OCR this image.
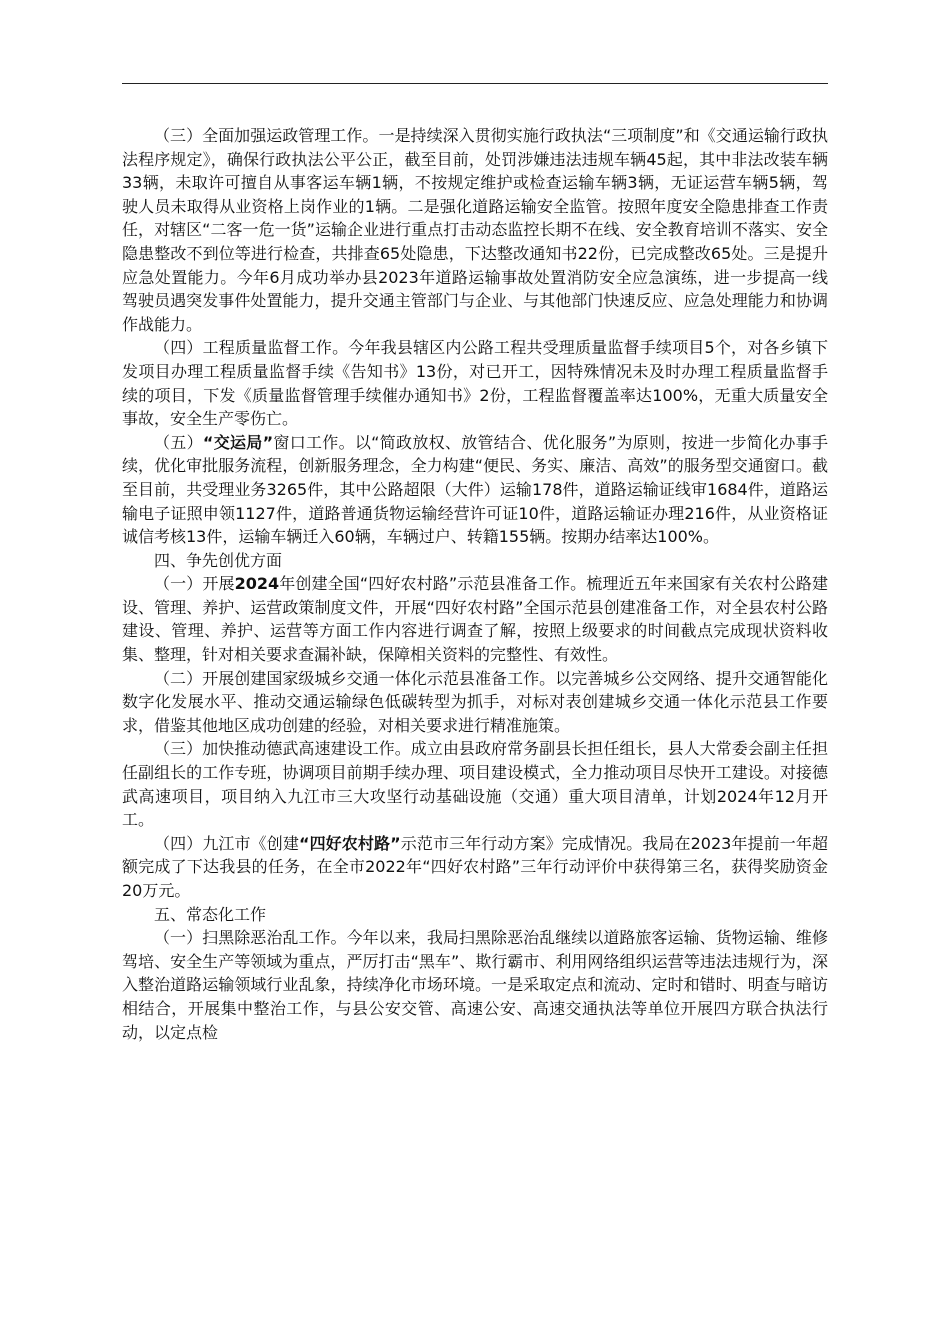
（三）全面加强运政管理工作。一是持续深入贯彻实施行政执法“三项制度”和《交通运输行政执法程序规定》，确保行政执法公平公正，截至目前，处罚涉嫌违法违规车辆45起，其中非法改装车辆33辆，未取许可擅自从事客运车辆1辆，不按规定维护或检查运输车辆3辆，无证运营车辆5辆，驾驶人员未取得从业资格上岗作业的1辆。二是强化道路运输安全监管。按照年度安全隐患排查工作责任，对辖区“二客一危一货”运输企业进行重点打击动态监控长期不在线、安全教育培训不落实、安全隐患整改不到位等进行检查，共排查65处隐患，下达整改通知书22份，已完成整改65处。三是提升应急处置能力。今年6月成功举办县2023年道路运输事故处置消防安全应急演练，进一步提高一线驾驶员遇突发事件处置能力，提升交通主管部门与企业、与其他部门快速反应、应急处理能力和协调作战能力。

（四）工程质量监督工作。今年我县辖区内公路工程共受理质量监督手续项目5个，对各乡镇下发项目办理工程质量监督手续《告知书》13份，对已开工，因特殊情况未及时办理工程质量监督手续的项目，下发《质量监督管理手续催办通知书》2份，工程监督覆盖率达100%，无重大质量安全事故，安全生产零伤亡。

（五）“交运局”窗口工作。以“简政放权、放管结合、优化服务”为原则，按进一步简化办事手续，优化审批服务流程，创新服务理念，全力构建“便民、务实、廉洁、高效”的服务型交通窗口。截至目前，共受理业务3265件，其中公路超限（大件）运输178件，道路运输证线审1684件，道路运输电子证照申领1127件，道路普通货物运输经营许可证10件，道路运输证办理216件，从业资格证诚信考核13件，运输车辆迁入60辆，车辆过户、转籍155辆。按期办结率达100%。

四、争先创优方面

（一）开展2024年创建全国“四好农村路”示范县准备工作。梳理近五年来国家有关农村公路建设、管理、养护、运营政策制度文件，开展“四好农村路”全国示范县创建准备工作，对全县农村公路建设、管理、养护、运营等方面工作内容进行调查了解，按照上级要求的时间截点完成现状资料收集、整理，针对相关要求查漏补缺，保障相关资料的完整性、有效性。

（二）开展创建国家级城乡交通一体化示范县准备工作。以完善城乡公交网络、提升交通智能化数字化发展水平、推动交通运输绿色低碳转型为抓手，对标对表创建城乡交通一体化示范县工作要求，借鉴其他地区成功创建的经验，对相关要求进行精准施策。

（三）加快推动德武高速建设工作。成立由县政府常务副县长担任组长，县人大常委会副主任担任副组长的工作专班，协调项目前期手续办理、项目建设模式，全力推动项目尽快开工建设。对接德武高速项目，项目纳入九江市三大攻坚行动基础设施（交通）重大项目清单，计划2024年12月开工。

（四）九江市《创建“四好农村路”示范市三年行动方案》完成情况。我局在2023年提前一年超额完成了下达我县的任务，在全市2022年“四好农村路”三年行动评价中获得第三名，获得奖励资金20万元。

五、常态化工作

（一）扫黑除恶治乱工作。今年以来，我局扫黑除恶治乱继续以道路旅客运输、货物运输、维修驾培、安全生产等领域为重点，严厉打击“黑车”、欺行霸市、利用网络组织运营等违法违规行为，深入整治道路运输领域行业乱象，持续净化市场环境。一是采取定点和流动、定时和错时、明查与暗访相结合，开展集中整治工作，与县公安交管、高速公安、高速交通执法等单位开展四方联合执法行动，以定点检
